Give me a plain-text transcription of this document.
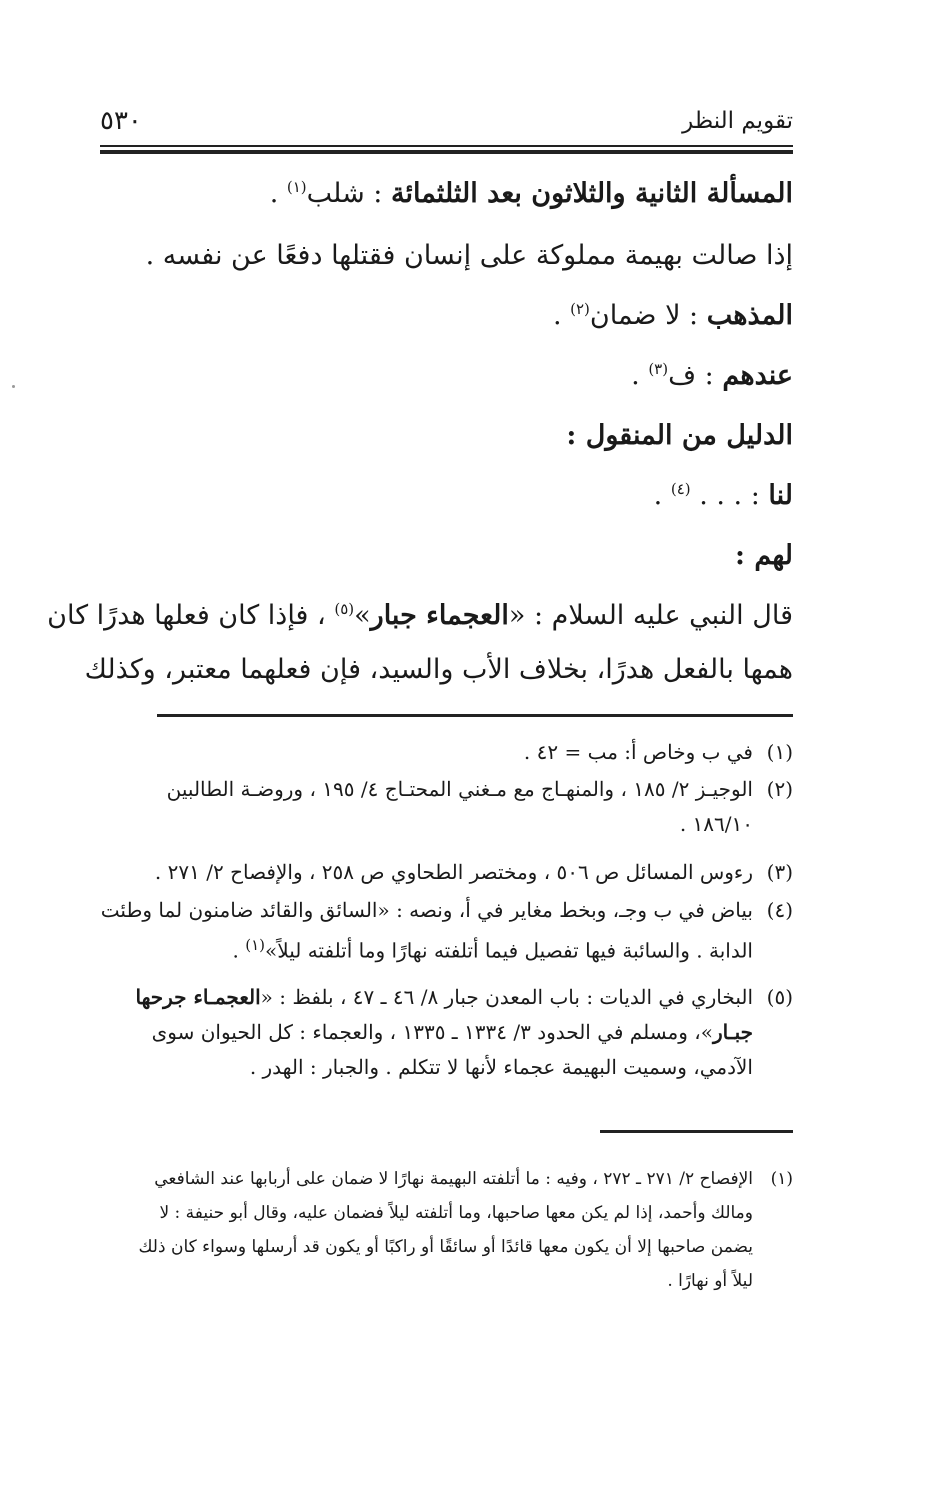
تقويم النظر
٥٣٠
المسألة الثانية والثلاثون بعد الثلثمائة : شلب$^{(١)}$ .
إذا صالت بهيمة مملوكة على إنسان فقتلها دفعًا عن نفسه .
المذهب : لا ضمان$^{(٢)}$ .
عندهم : ف$^{(٣)}$ .
الدليل من المنقول :
لنا : . . . $^{(٤)}$ .
لهم :
قال النبي عليه السلام : «العجماء جبار»$^{(٥)}$ ، فإذا كان فعلها هدرًا كان
همها بالفعل هدرًا، بخلاف الأب والسيد، فإن فعلهما معتبر، وكذلك
(١)في ب وخاص أ: مب = ٤٢ .
(٢)الوجيـز ٢/ ١٨٥ ، والمنهـاج مع مـغني المحتـاج ٤/ ١٩٥ ، وروضـة الطالبين
١٨٦/١٠ .
(٣)رءوس المسائل ص ٥٠٦ ، ومختصر الطحاوي ص ٢٥٨ ، والإفصاح ٢/ ٢٧١ .
(٤)بياض في ب وجـ، وبخط مغاير في أ، ونصه : «السائق والقائد ضامنون لما وطئت
الدابة . والسائبة فيها تفصيل فيما أتلفته نهارًا وما أتلفته ليلاً»$^{(١)}$ .
(٥)البخاري في الديات : باب المعدن جبار ٨/ ٤٦ ـ ٤٧ ، بلفظ : «العجمـاء جرحها
جبـار»، ومسلم في الحدود ٣/ ١٣٣٤ ـ ١٣٣٥ ، والعجماء : كل الحيوان سوى
الآدمي، وسميت البهيمة عجماء لأنها لا تتكلم . والجبار : الهدر .
(١)الإفصاح ٢/ ٢٧١ ـ ٢٧٢ ، وفيه : ما أتلفته البهيمة نهارًا لا ضمان على أربابها عند الشافعي
ومالك وأحمد، إذا لم يكن معها صاحبها، وما أتلفته ليلاً فضمان عليه، وقال أبو حنيفة : لا
يضمن صاحبها إلا أن يكون معها قائدًا أو سائقًا أو راكبًا أو يكون قد أرسلها وسواء كان ذلك
ليلاً أو نهارًا .
